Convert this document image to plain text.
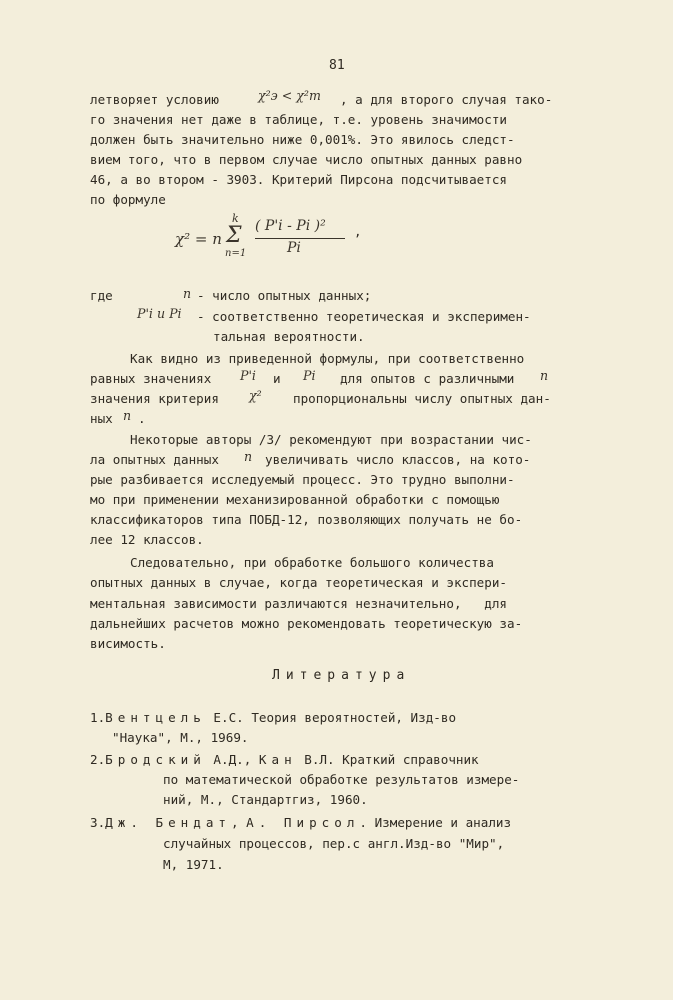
81
летворяет условию	χ²э < χ²т , а для второго случая тако-
го значения нет даже в таблице, т.е. уровень значимости
должен быть значительно ниже 0,001%. Это явилось следст-
вием того, что в первом случае число опытных данных равно
46, а во втором - 3903. Критерий Пирсона подсчитывается
по формуле
χ² = n
k
Σ
n=1
( P'i - Pi )²
Pi
,
где	n - число опытных данных;
P'i и Pi - соответственно теоретическая и эксперимен-
тальная вероятности.
Как видно из приведенной формулы, при соответственно
равных значениях P'i и Pi для опытов с различными n
значения критерия χ² пропорциональны числу опытных дан-
ных n .
Некоторые авторы /3/ рекомендуют при возрастании чис-
ла опытных данных n увеличивать число классов, на кото-
рые разбивается исследуемый процесс. Это трудно выполни-
мо при применении механизированной обработки с помощью
классификаторов типа ПОБД-12, позволяющих получать не бо-
лее 12 классов.
Следовательно, при обработке большого количества
опытных данных в случае, когда теоретическая и экспери-
ментальная зависимости различаются незначительно,   для
дальнейших расчетов можно рекомендовать теоретическую за-
висимость.
Литература
1.Вентцель Е.С. Теория вероятностей, Изд-во
"Наука", М., 1969.
2.Бродский А.Д., Кан В.Л. Краткий справочник
по математической обработке результатов измере-
ний, М., Стандартгиз, 1960.
3.Дж. Бендат, А. Пирсол. Измерение и анализ
случайных процессов, пер.с англ.Изд-во "Мир",
М, 1971.
